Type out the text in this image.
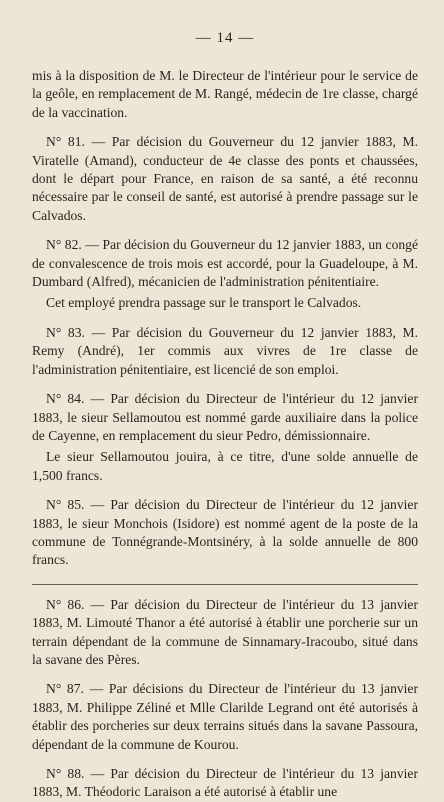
— 14 —

mis à la disposition de M. le Directeur de l'intérieur pour le service de la geôle, en remplacement de M. Rangé, médecin de 1re classe, chargé de la vaccination.

N° 81. — Par décision du Gouverneur du 12 janvier 1883, M. Viratelle (Amand), conducteur de 4e classe des ponts et chaussées, dont le départ pour France, en raison de sa santé, a été reconnu nécessaire par le conseil de santé, est autorisé à prendre passage sur le Calvados.

N° 82. — Par décision du Gouverneur du 12 janvier 1883, un congé de convalescence de trois mois est accordé, pour la Guadeloupe, à M. Dumbard (Alfred), mécanicien de l'administration pénitentiaire.

Cet employé prendra passage sur le transport le Calvados.

N° 83. — Par décision du Gouverneur du 12 janvier 1883, M. Remy (André), 1er commis aux vivres de 1re classe de l'administration pénitentiaire, est licencié de son emploi.

N° 84. — Par décision du Directeur de l'intérieur du 12 janvier 1883, le sieur Sellamoutou est nommé garde auxiliaire dans la police de Cayenne, en remplacement du sieur Pedro, démissionnaire.

Le sieur Sellamoutou jouira, à ce titre, d'une solde annuelle de 1,500 francs.

N° 85. — Par décision du Directeur de l'intérieur du 12 janvier 1883, le sieur Monchois (Isidore) est nommé agent de la poste de la commune de Tonnégrande-Montsinéry, à la solde annuelle de 800 francs.

N° 86. — Par décision du Directeur de l'intérieur du 13 janvier 1883, M. Limouté Thanor a été autorisé à établir une porcherie sur un terrain dépendant de la commune de Sinnamary-Iracoubo, situé dans la savane des Pères.

N° 87. — Par décisions du Directeur de l'intérieur du 13 janvier 1883, M. Philippe Zéliné et Mlle Clarilde Legrand ont été autorisés à établir des porcheries sur deux terrains situés dans la savane Passoura, dépendant de la commune de Kourou.

N° 88. — Par décision du Directeur de l'intérieur du 13 janvier 1883, M. Théodoric Laraison a été autorisé à établir une
